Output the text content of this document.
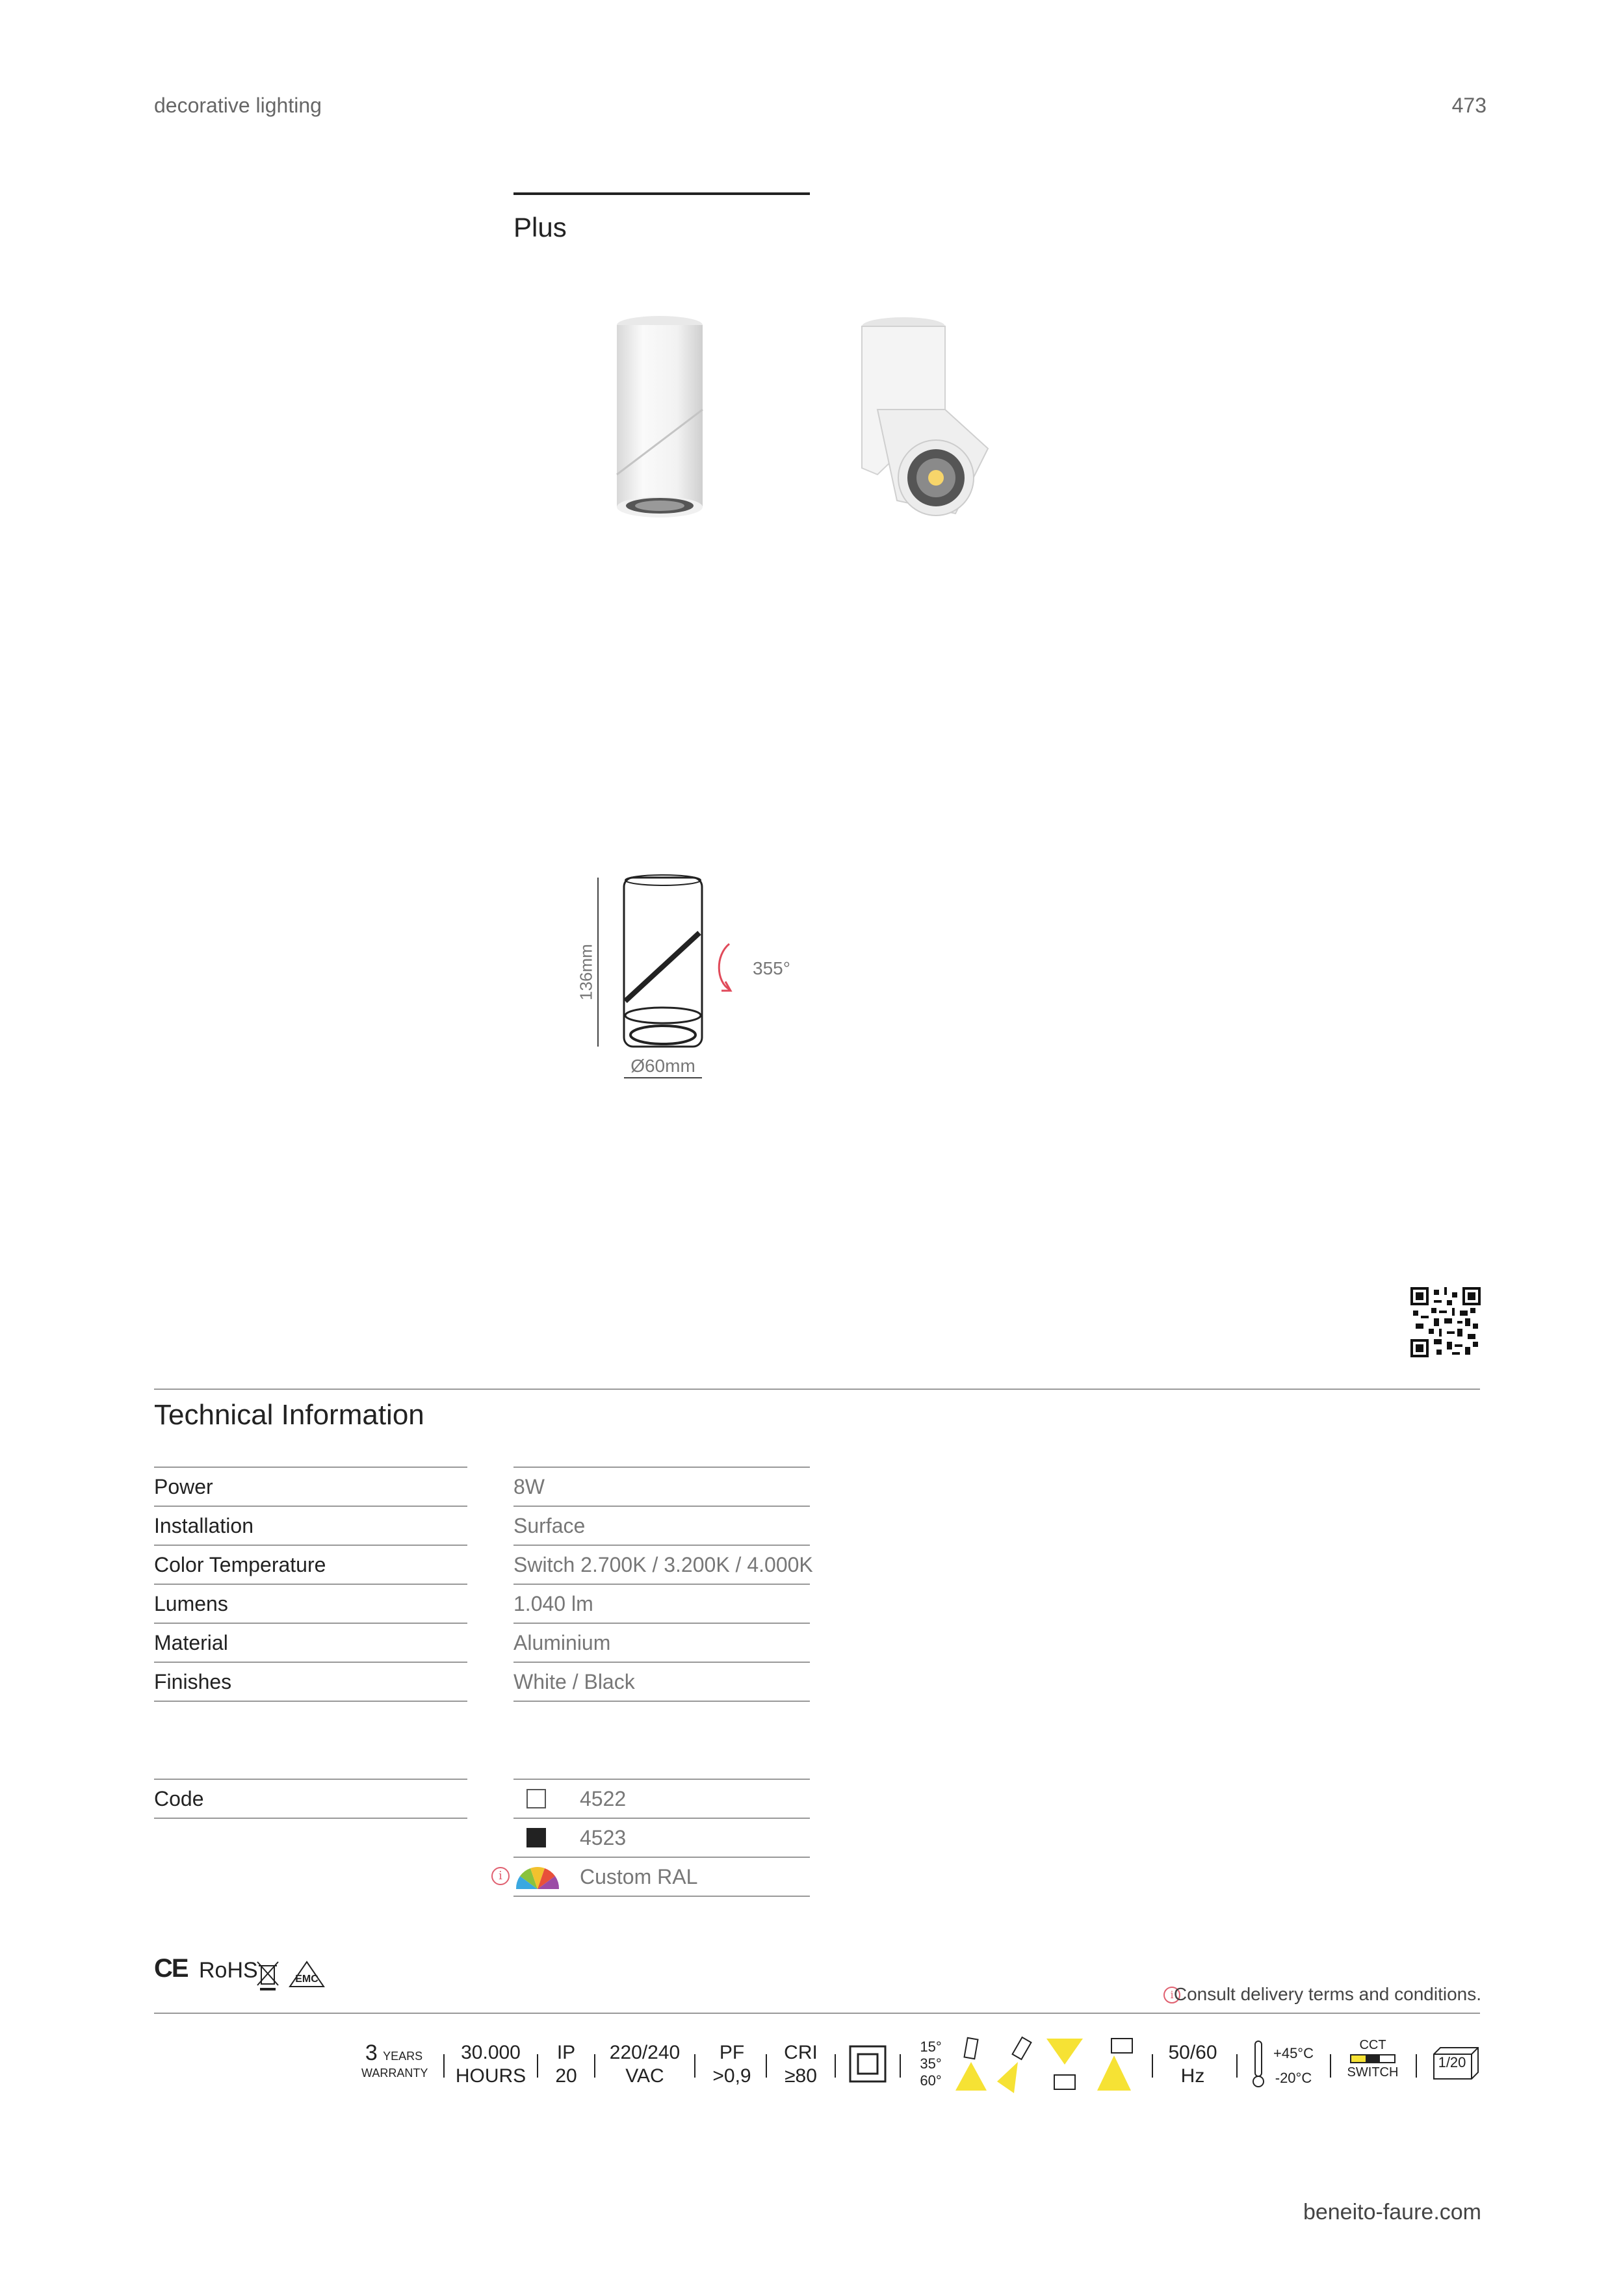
decorative lighting	473
Plus
136mm	355°
Ø60mm
Technical Information
Power	8W
Installation	Surface
Color Temperature	Switch 2.700K / 3.200K / 4.000K
Lumens	1.040 lm
Material	Aluminium
Finishes	White / Black
Code	4522
4523
i	Custom RAL
CE RoHS	EMC
i Consult delivery terms and conditions.
3 YEARS
WARRANTY
30.000
HOURS
IP
20
220/240
VAC
PF
>0,9
CRI
≥80
15°
35°
60°
50/60
Hz
+45°C
-20°C
CCT
SWITCH
1/20
beneito-faure.com
